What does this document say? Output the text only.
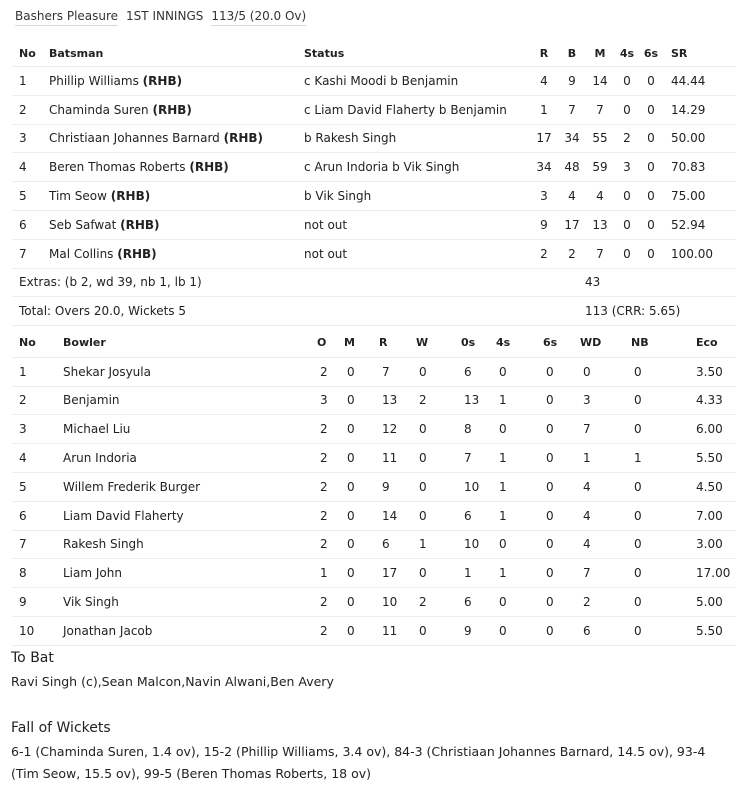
Bashers Pleasure 1ST INNINGS 113/5 (20.0 Ov)
No	Batsman	Status	R	B	M	4s	6s	SR
1	Phillip Williams (RHB)	c Kashi Moodi b Benjamin	4	9	14	0	0	44.44
2	Chaminda Suren (RHB)	c Liam David Flaherty b Benjamin	1	7	7	0	0	14.29
3	Christiaan Johannes Barnard (RHB)	b Rakesh Singh	17	34	55	2	0	50.00
4	Beren Thomas Roberts (RHB)	c Arun Indoria b Vik Singh	34	48	59	3	0	70.83
5	Tim Seow (RHB)	b Vik Singh	3	4	4	0	0	75.00
6	Seb Safwat (RHB)	not out	9	17	13	0	0	52.94
7	Mal Collins (RHB)	not out	2	2	7	0	0	100.00
Extras: (b 2, wd 39, nb 1, lb 1)			43					
Total: Overs 20.0, Wickets 5			113 (CRR: 5.65)					
No	Bowler	O	M	R	W	0s	4s	6s	WD	NB	Eco
1	Shekar Josyula	2	0	7	0	6	0	0	0	0	3.50
2	Benjamin	3	0	13	2	13	1	0	3	0	4.33
3	Michael Liu	2	0	12	0	8	0	0	7	0	6.00
4	Arun Indoria	2	0	11	0	7	1	0	1	1	5.50
5	Willem Frederik Burger	2	0	9	0	10	1	0	4	0	4.50
6	Liam David Flaherty	2	0	14	0	6	1	0	4	0	7.00
7	Rakesh Singh	2	0	6	1	10	0	0	4	0	3.00
8	Liam John	1	0	17	0	1	1	0	7	0	17.00
9	Vik Singh	2	0	10	2	6	0	0	2	0	5.00
10	Jonathan Jacob	2	0	11	0	9	0	0	6	0	5.50
To Bat
Ravi Singh (c),Sean Malcon,Navin Alwani,Ben Avery
Fall of Wickets
6-1 (Chaminda Suren, 1.4 ov), 15-2 (Phillip Williams, 3.4 ov), 84-3 (Christiaan Johannes Barnard, 14.5 ov), 93-4 (Tim Seow, 15.5 ov), 99-5 (Beren Thomas Roberts, 18 ov)
